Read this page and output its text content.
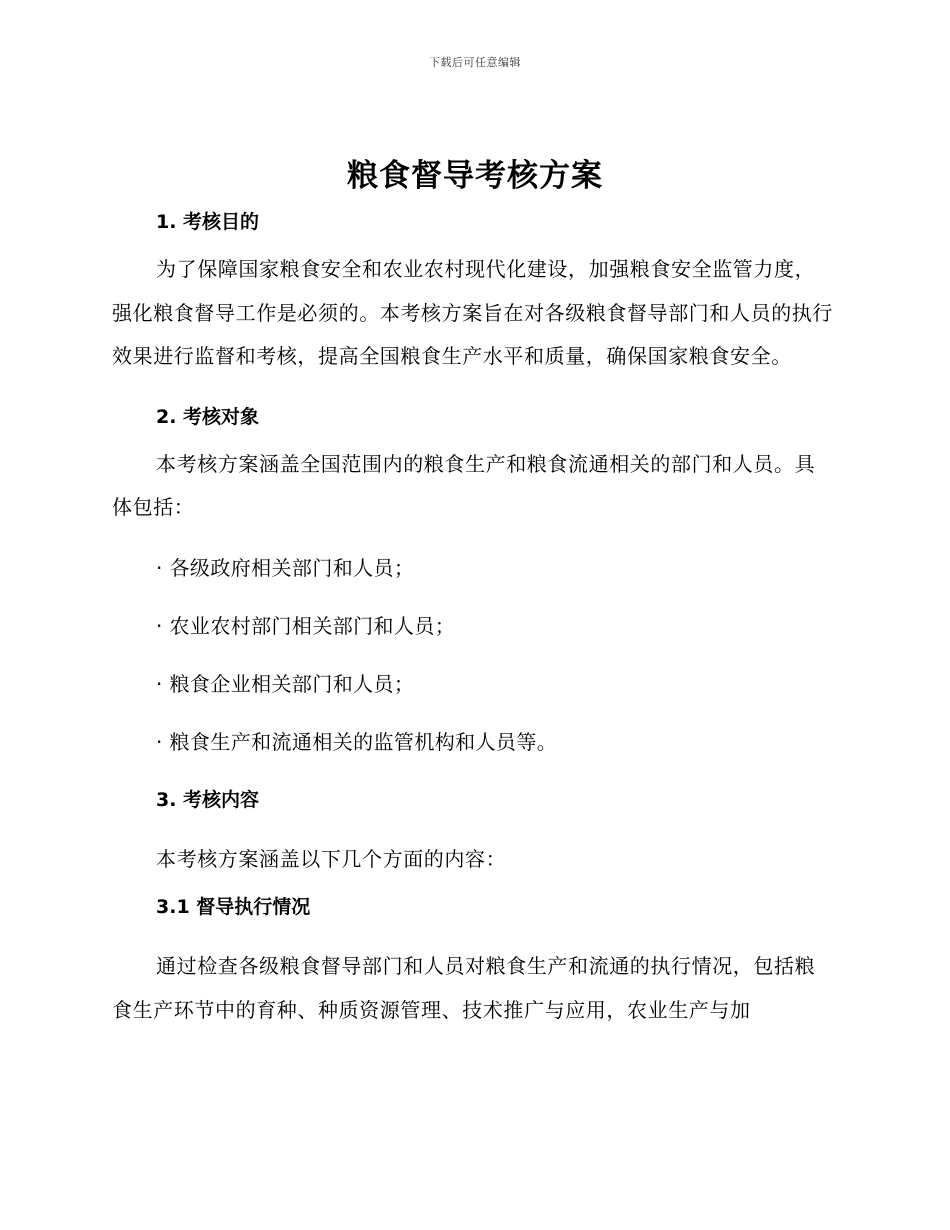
下载后可任意编辑
粮食督导考核方案

1. 考核目的

为了保障国家粮食安全和农业农村现代化建设，加强粮食安全监管力度，强化粮食督导工作是必须的。本考核方案旨在对各级粮食督导部门和人员的执行效果进行监督和考核，提高全国粮食生产水平和质量，确保国家粮食安全。

2. 考核对象

本考核方案涵盖全国范围内的粮食生产和粮食流通相关的部门和人员。具体包括：

· 各级政府相关部门和人员；

· 农业农村部门相关部门和人员；

· 粮食企业相关部门和人员；

· 粮食生产和流通相关的监管机构和人员等。

3. 考核内容

本考核方案涵盖以下几个方面的内容：

3.1 督导执行情况

通过检查各级粮食督导部门和人员对粮食生产和流通的执行情况，包括粮食生产环节中的育种、种质资源管理、技术推广与应用，农业生产与加
